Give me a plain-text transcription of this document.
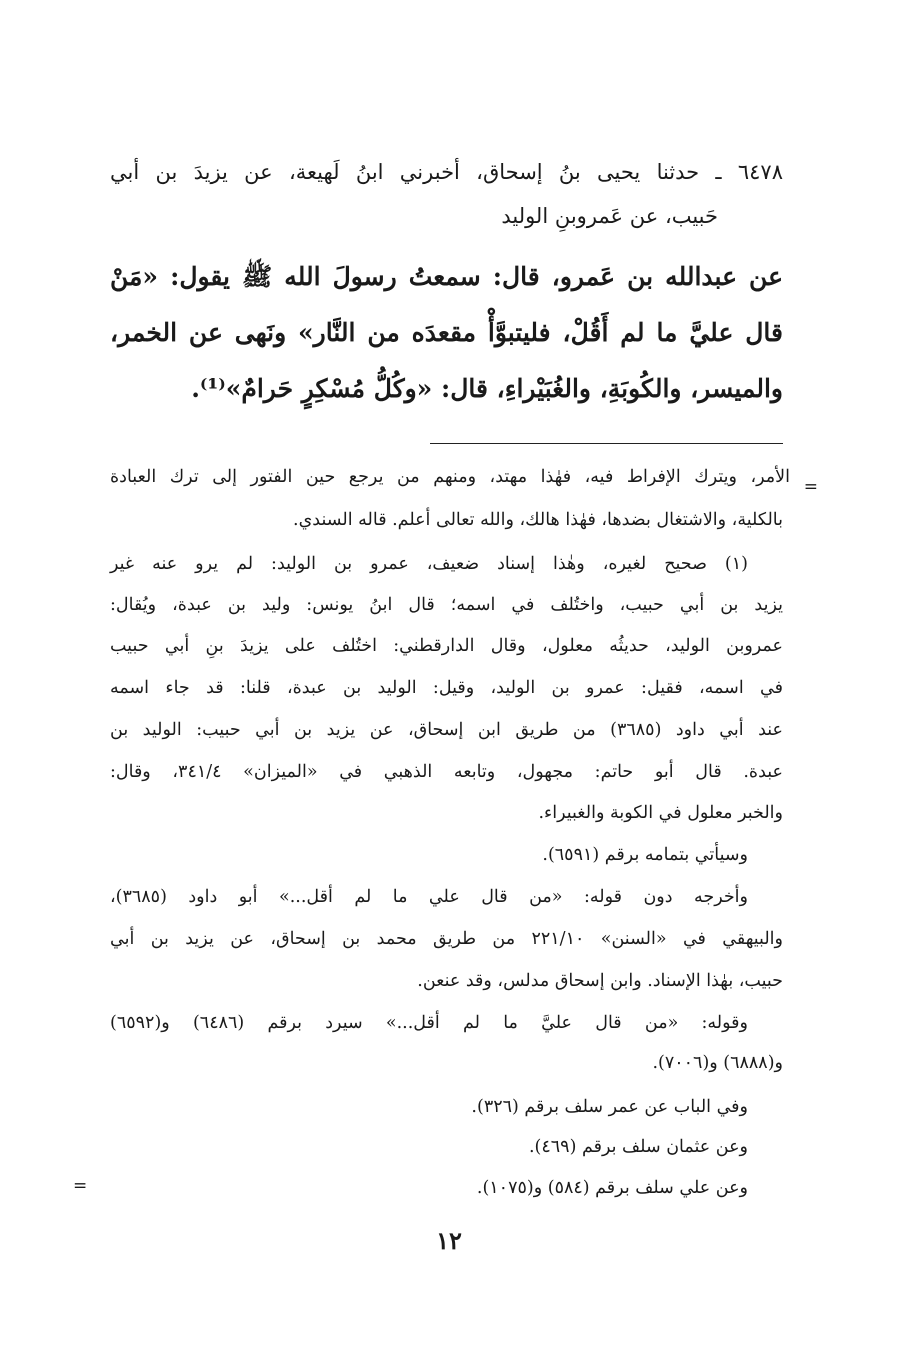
٦٤٧٨ ـ حدثنا يحيى بنُ إسحاق، أخبرني ابنُ لَهيعة، عن يزيدَ بن أبي
حَبيب، عن عَمروبنِ الوليد
عن عبدالله بن عَمرو، قال: سمعتُ رسولَ الله ﷺ يقول: «مَنْ
قال عليَّ ما لم أَقُلْ، فليتبوَّأْ مقعدَه من النَّار» ونَهى عن الخمر،
والميسر، والكُوبَةِ، والغُبَيْراءِ، قال: «وكُلُّ مُسْكِرٍ حَرامٌ»⁽¹⁾.
=
الأمر، ويترك الإفراط فيه، فهٰذا مهتد، ومنهم من يرجع حين الفتور إلى ترك العبادة
بالكلية، والاشتغال بضدها، فهٰذا هالك، والله تعالى أعلم. قاله السندي.
(١) صحيح لغيره، وهٰذا إسناد ضعيف، عمرو بن الوليد: لم يرو عنه غير
يزيد بن أبي حبيب، واختُلف في اسمه؛ قال ابنُ يونس: وليد بن عبدة، ويُقال:
عمروبن الوليد، حديثُه معلول، وقال الدارقطني: اختُلف على يزيدَ بنِ أبي حبيب
في اسمه، فقيل: عمرو بن الوليد، وقيل: الوليد بن عبدة، قلنا: قد جاء اسمه
عند أبي داود (٣٦٨٥) من طريق ابن إسحاق، عن يزيد بن أبي حبيب: الوليد بن
عبدة. قال أبو حاتم: مجهول، وتابعه الذهبي في «الميزان» ٣٤١/٤، وقال:
والخبر معلول في الكوبة والغبيراء.
وسيأتي بتمامه برقم (٦٥٩١).
وأخرجه دون قوله: «من قال علي ما لم أقل...» أبو داود (٣٦٨٥)،
والبيهقي في «السنن» ٢٢١/١٠ من طريق محمد بن إسحاق، عن يزيد بن أبي
حبيب، بهٰذا الإسناد. وابن إسحاق مدلس، وقد عنعن.
وقوله: «من قال عليَّ ما لم أقل...» سيرد برقم (٦٤٨٦) و(٦٥٩٢)
و(٦٨٨٨) و(٧٠٠٦).
وفي الباب عن عمر سلف برقم (٣٢٦).
وعن عثمان سلف برقم (٤٦٩).
وعن علي سلف برقم (٥٨٤) و(١٠٧٥).
=
١٢
